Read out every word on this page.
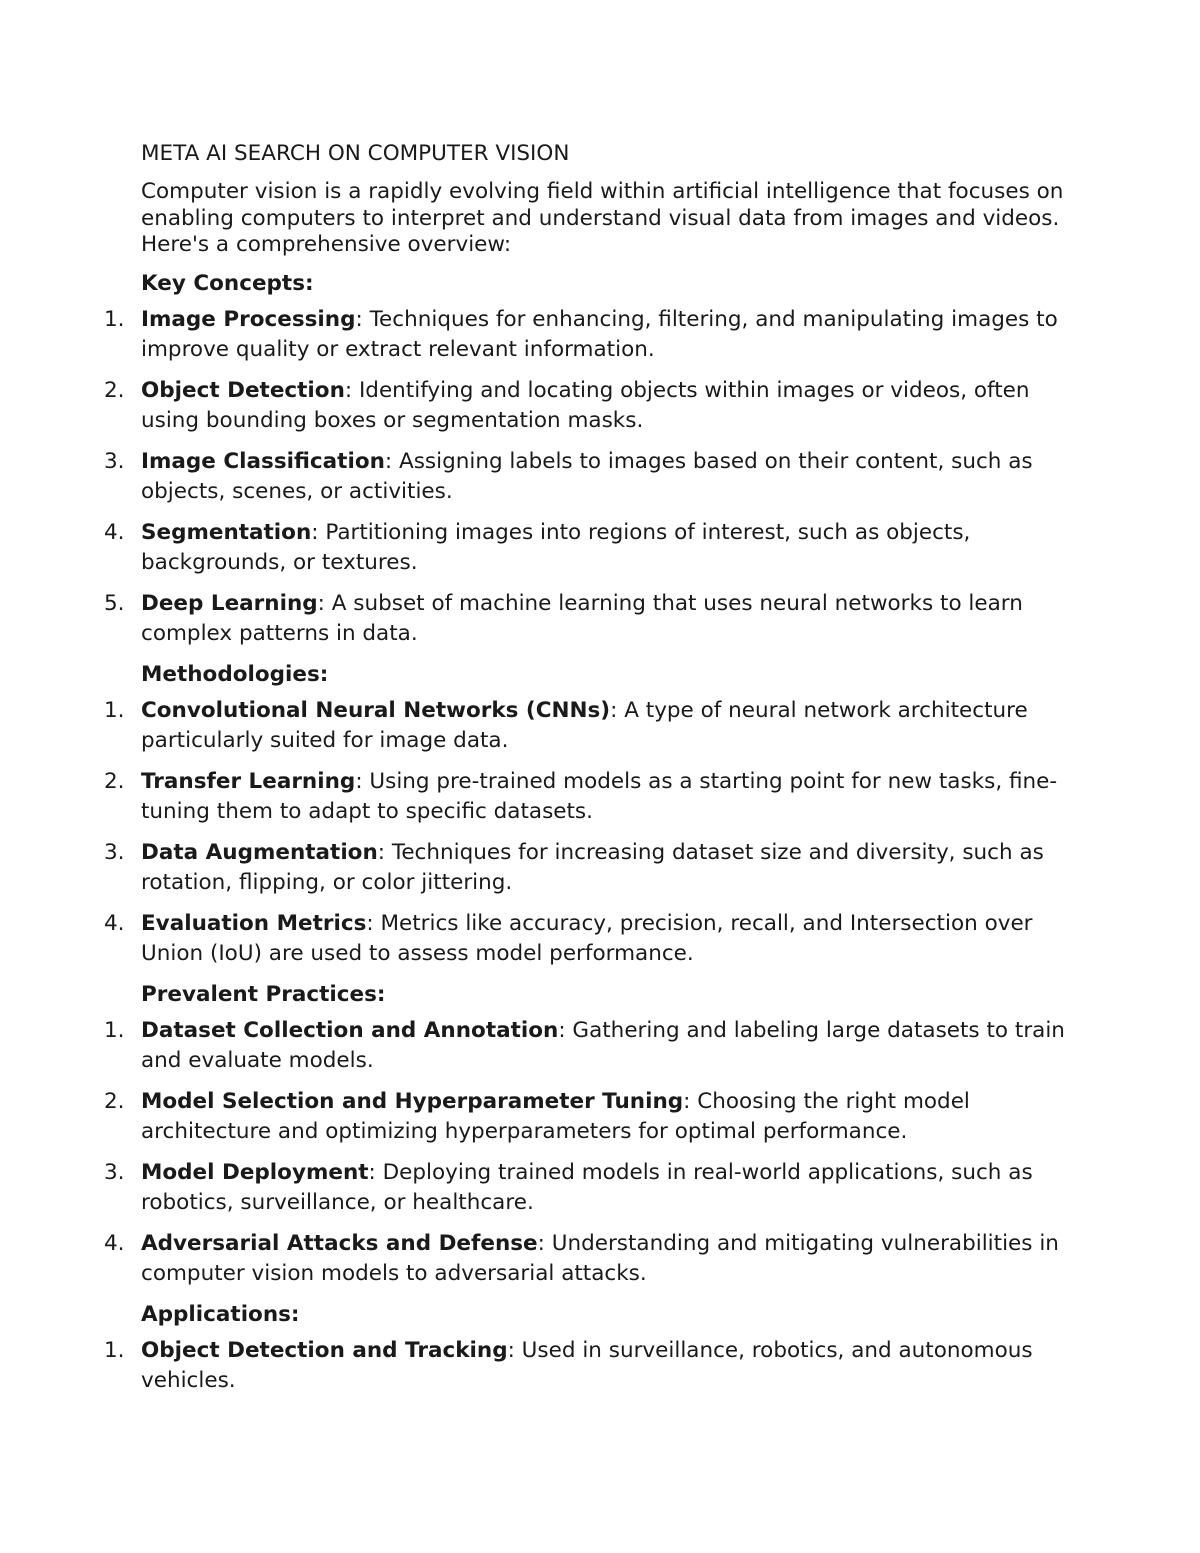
META AI SEARCH ON COMPUTER VISION
Computer vision is a rapidly evolving field within artificial intelligence that focuses on enabling computers to interpret and understand visual data from images and videos. Here's a comprehensive overview:
Key Concepts:
1. Image Processing: Techniques for enhancing, filtering, and manipulating images to improve quality or extract relevant information.
2. Object Detection: Identifying and locating objects within images or videos, often using bounding boxes or segmentation masks.
3. Image Classification: Assigning labels to images based on their content, such as objects, scenes, or activities.
4. Segmentation: Partitioning images into regions of interest, such as objects, backgrounds, or textures.
5. Deep Learning: A subset of machine learning that uses neural networks to learn complex patterns in data.
Methodologies:
1. Convolutional Neural Networks (CNNs): A type of neural network architecture particularly suited for image data.
2. Transfer Learning: Using pre-trained models as a starting point for new tasks, fine-tuning them to adapt to specific datasets.
3. Data Augmentation: Techniques for increasing dataset size and diversity, such as rotation, flipping, or color jittering.
4. Evaluation Metrics: Metrics like accuracy, precision, recall, and Intersection over Union (IoU) are used to assess model performance.
Prevalent Practices:
1. Dataset Collection and Annotation: Gathering and labeling large datasets to train and evaluate models.
2. Model Selection and Hyperparameter Tuning: Choosing the right model architecture and optimizing hyperparameters for optimal performance.
3. Model Deployment: Deploying trained models in real-world applications, such as robotics, surveillance, or healthcare.
4. Adversarial Attacks and Defense: Understanding and mitigating vulnerabilities in computer vision models to adversarial attacks.
Applications:
1. Object Detection and Tracking: Used in surveillance, robotics, and autonomous vehicles.
